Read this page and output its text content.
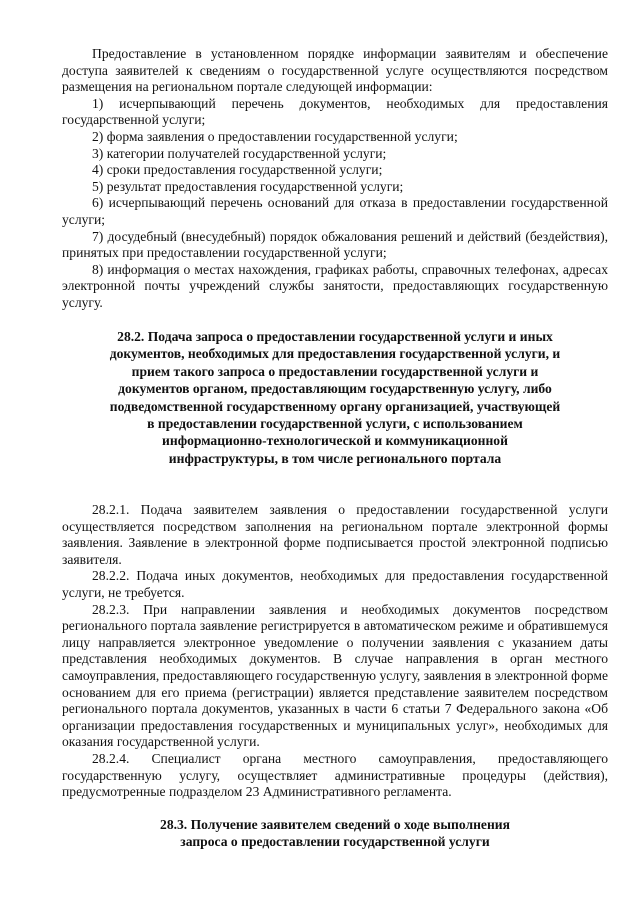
Предоставление в установленном порядке информации заявителям и обеспечение доступа заявителей к сведениям о государственной услуге осуществляются посредством размещения на региональном портале следующей информации:

1) исчерпывающий перечень документов, необходимых для предоставления государственной услуги;

2) форма заявления о предоставлении государственной услуги;

3) категории получателей государственной услуги;

4) сроки предоставления государственной услуги;

5) результат предоставления государственной услуги;

6) исчерпывающий перечень оснований для отказа в предоставлении государственной услуги;

7) досудебный (внесудебный) порядок обжалования решений и действий (бездействия), принятых при предоставлении государственной услуги;

8) информация о местах нахождения, графиках работы, справочных телефонах, адресах электронной почты учреждений службы занятости, предоставляющих государственную услугу.

28.2. Подача запроса о предоставлении государственной услуги и иных документов, необходимых для предоставления государственной услуги, и прием такого запроса о предоставлении государственной услуги и документов органом, предоставляющим государственную услугу, либо подведомственной государственному органу организацией, участвующей в предоставлении государственной услуги, с использованием информационно-технологической и коммуникационной инфраструктуры, в том числе регионального портала

28.2.1. Подача заявителем заявления о предоставлении государственной услуги осуществляется посредством заполнения на региональном портале электронной формы заявления. Заявление в электронной форме подписывается простой электронной подписью заявителя.

28.2.2. Подача иных документов, необходимых для предоставления государственной услуги, не требуется.

28.2.3. При направлении заявления и необходимых документов посредством регионального портала заявление регистрируется в автоматическом режиме и обратившемуся лицу направляется электронное уведомление о получении заявления с указанием даты представления необходимых документов. В случае направления в орган местного самоуправления, предоставляющего государственную услугу, заявления в электронной форме основанием для его приема (регистрации) является представление заявителем посредством регионального портала документов, указанных в части 6 статьи 7 Федерального закона «Об организации предоставления государственных и муниципальных услуг», необходимых для оказания государственной услуги.

28.2.4. Специалист органа местного самоуправления, предоставляющего государственную услугу, осуществляет административные процедуры (действия), предусмотренные подразделом 23 Административного регламента.

28.3. Получение заявителем сведений о ходе выполнения запроса о предоставлении государственной услуги
